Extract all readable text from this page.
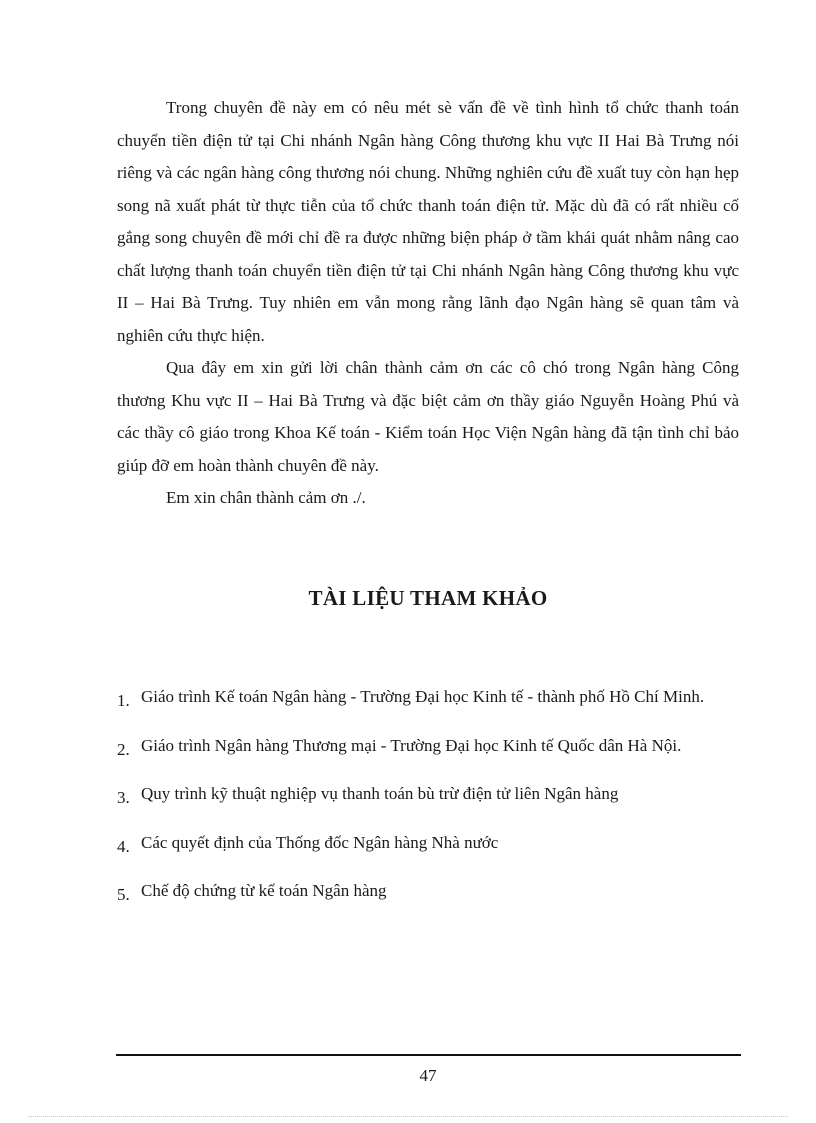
Trong chuyên đề này em có nêu mét sè vấn đề về tình hình tổ chức thanh toán chuyển tiền điện tử tại Chi nhánh Ngân hàng Công thương khu vực II Hai Bà Trưng nói riêng và các ngân hàng công thương nói chung. Những nghiên cứu đề xuất tuy còn hạn hẹp song nã xuất phát từ thực tiễn của tổ chức thanh toán điện tử. Mặc dù đã có rất nhiều cố gắng song chuyên đề mới chỉ đề ra được những biện pháp ở tầm khái quát nhằm nâng cao chất lượng thanh toán chuyển tiền điện tử tại Chi nhánh Ngân hàng Công thương khu vực II – Hai Bà Trưng. Tuy nhiên em vẫn mong rằng lãnh đạo Ngân hàng sẽ quan tâm và nghiên cứu thực hiện.

Qua đây em xin gửi lời chân thành cảm ơn các cô chó trong Ngân hàng Công thương Khu vực II – Hai Bà Trưng và đặc biệt cảm ơn thầy giáo Nguyễn Hoàng Phú và các thầy cô giáo trong Khoa Kế toán - Kiểm toán Học Viện Ngân hàng đã tận tình chỉ bảo giúp đỡ em hoàn thành chuyên đề này.

Em xin chân thành cảm ơn ./.

TÀI LIỆU THAM KHẢO
1. Giáo trình Kế toán Ngân hàng - Trường Đại học Kinh tế - thành phố Hồ Chí Minh.
2. Giáo trình Ngân hàng Thương mại - Trường Đại học Kinh tế Quốc dân Hà Nội.
3. Quy trình kỹ thuật nghiệp vụ thanh toán bù trừ điện tử liên Ngân hàng
4. Các quyết định của Thống đốc Ngân hàng Nhà nước
5. Chế độ chứng từ kế toán Ngân hàng
47
